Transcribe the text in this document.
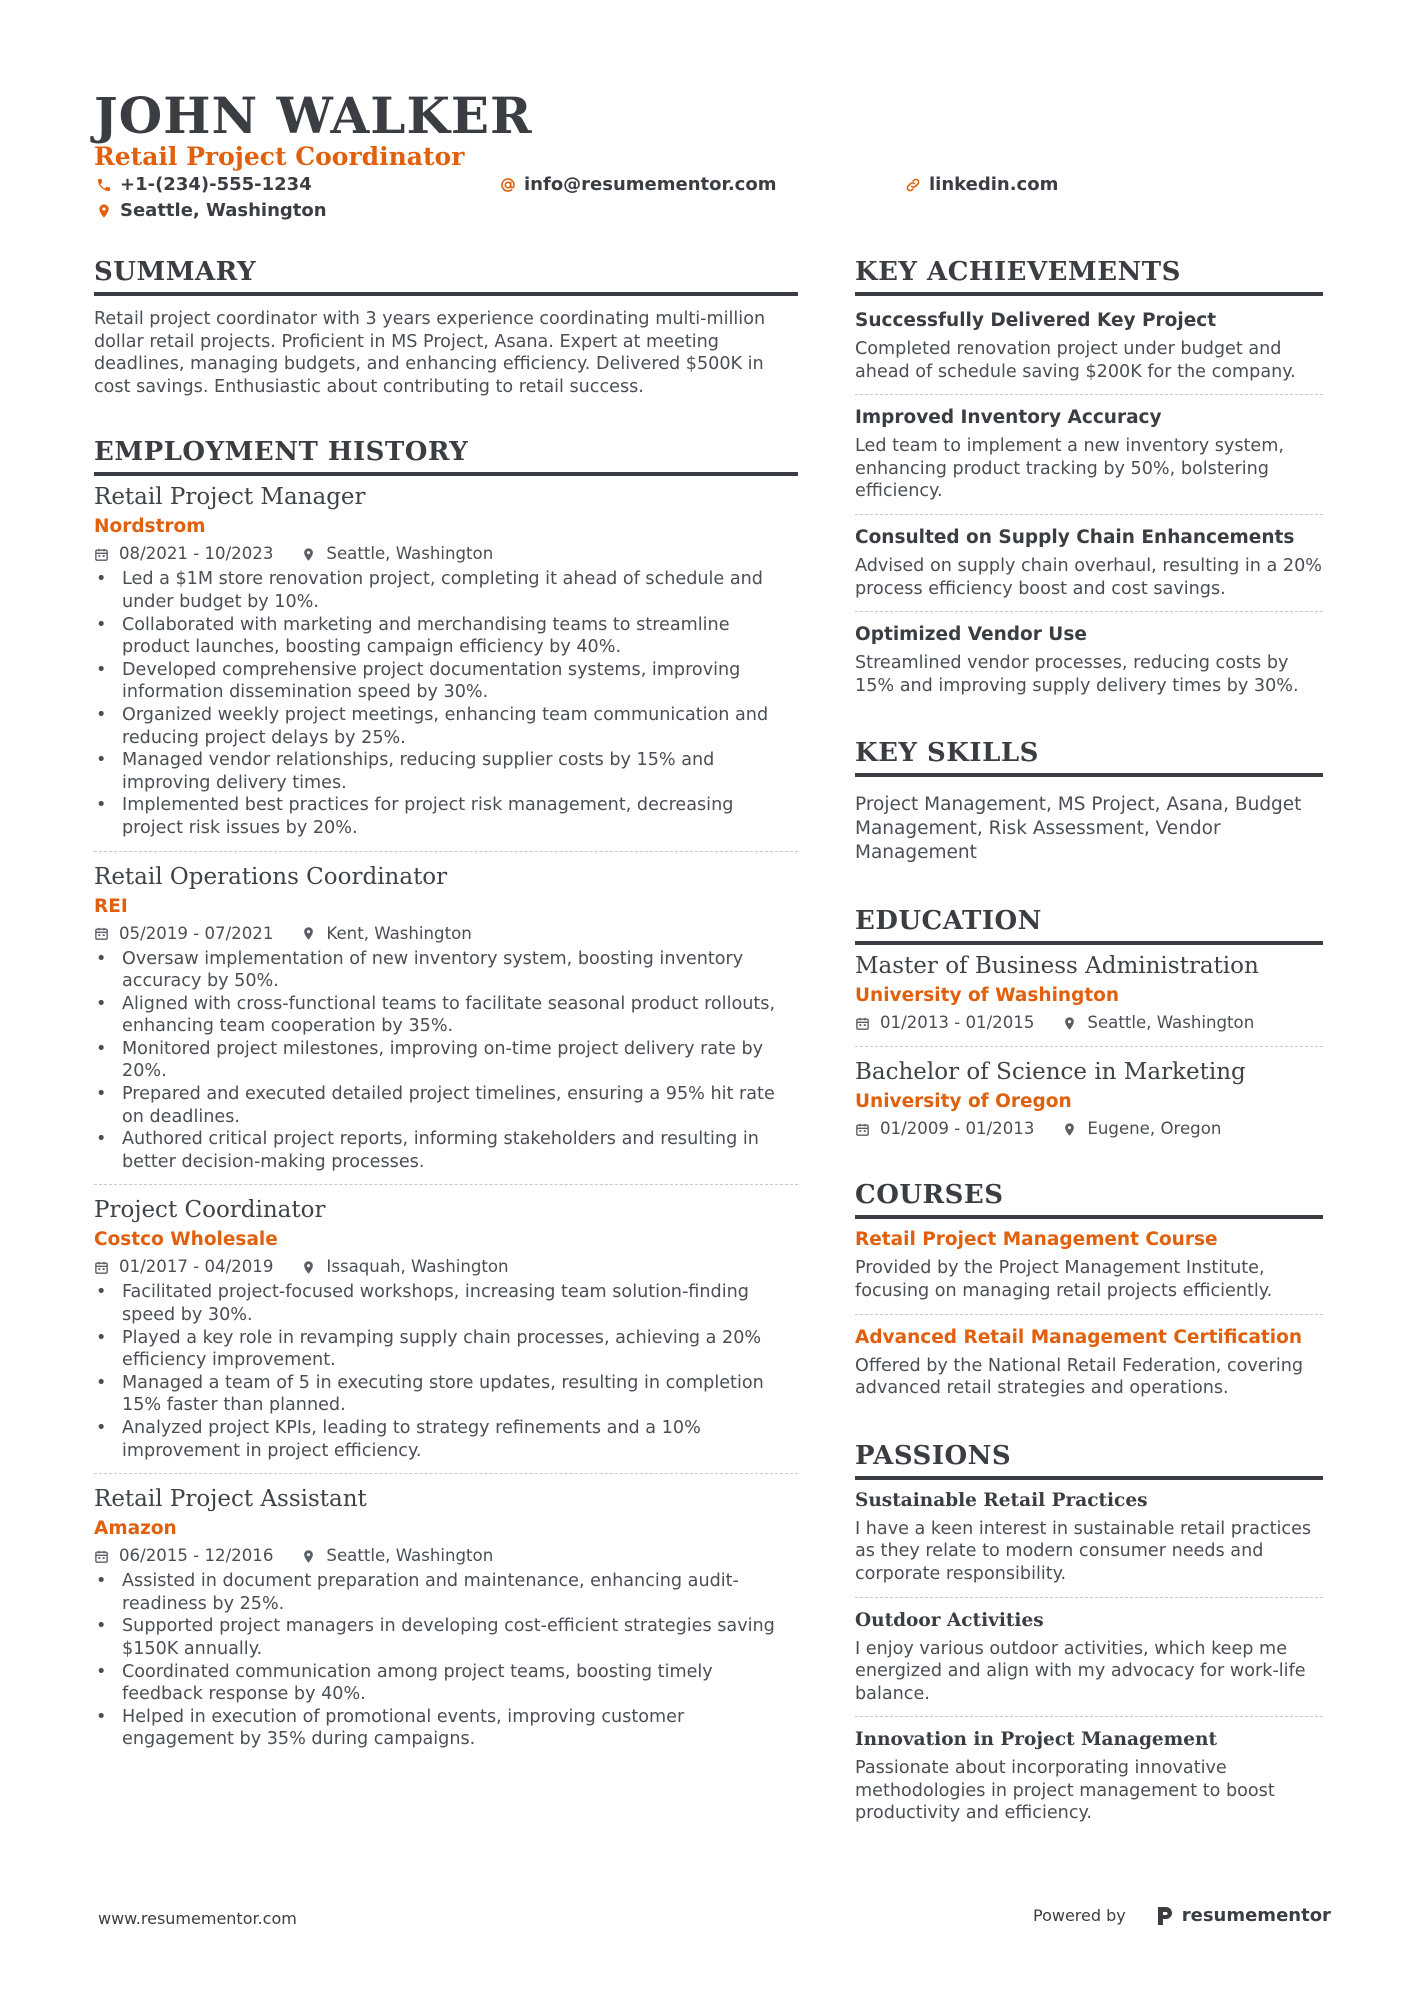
JOHN WALKER
Retail Project Coordinator
+1-(234)-555-1234	info@resumementor.com	linkedin.com
Seattle, Washington
SUMMARY

Retail project coordinator with 3 years experience coordinating multi-million dollar retail projects. Proficient in MS Project, Asana. Expert at meeting deadlines, managing budgets, and enhancing efficiency. Delivered $500K in cost savings. Enthusiastic about contributing to retail success.

EMPLOYMENT HISTORY
Retail Project Manager
Nordstrom
08/2021 - 10/2023	Seattle, Washington
• Led a $1M store renovation project, completing it ahead of schedule and under budget by 10%.
• Collaborated with marketing and merchandising teams to streamline product launches, boosting campaign efficiency by 40%.
• Developed comprehensive project documentation systems, improving information dissemination speed by 30%.
• Organized weekly project meetings, enhancing team communication and reducing project delays by 25%.
• Managed vendor relationships, reducing supplier costs by 15% and improving delivery times.
• Implemented best practices for project risk management, decreasing project risk issues by 20%.
Retail Operations Coordinator
REI
05/2019 - 07/2021	Kent, Washington
• Oversaw implementation of new inventory system, boosting inventory accuracy by 50%.
• Aligned with cross-functional teams to facilitate seasonal product rollouts, enhancing team cooperation by 35%.
• Monitored project milestones, improving on-time project delivery rate by 20%.
• Prepared and executed detailed project timelines, ensuring a 95% hit rate on deadlines.
• Authored critical project reports, informing stakeholders and resulting in better decision-making processes.
Project Coordinator
Costco Wholesale
01/2017 - 04/2019	Issaquah, Washington
• Facilitated project-focused workshops, increasing team solution-finding speed by 30%.
• Played a key role in revamping supply chain processes, achieving a 20% efficiency improvement.
• Managed a team of 5 in executing store updates, resulting in completion 15% faster than planned.
• Analyzed project KPIs, leading to strategy refinements and a 10% improvement in project efficiency.
Retail Project Assistant
Amazon
06/2015 - 12/2016	Seattle, Washington
• Assisted in document preparation and maintenance, enhancing audit-readiness by 25%.
• Supported project managers in developing cost-efficient strategies saving $150K annually.
• Coordinated communication among project teams, boosting timely feedback response by 40%.
• Helped in execution of promotional events, improving customer engagement by 35% during campaigns.
KEY ACHIEVEMENTS
Successfully Delivered Key Project

Completed renovation project under budget and ahead of schedule saving $200K for the company.

Improved Inventory Accuracy

Led team to implement a new inventory system, enhancing product tracking by 50%, bolstering efficiency.

Consulted on Supply Chain Enhancements

Advised on supply chain overhaul, resulting in a 20% process efficiency boost and cost savings.

Optimized Vendor Use

Streamlined vendor processes, reducing costs by 15% and improving supply delivery times by 30%.

KEY SKILLS

Project Management, MS Project, Asana, Budget Management, Risk Assessment, Vendor Management

EDUCATION
Master of Business Administration
University of Washington
01/2013 - 01/2015	Seattle, Washington
Bachelor of Science in Marketing
University of Oregon
01/2009 - 01/2013	Eugene, Oregon
COURSES
Retail Project Management Course

Provided by the Project Management Institute, focusing on managing retail projects efficiently.

Advanced Retail Management Certification

Offered by the National Retail Federation, covering advanced retail strategies and operations.

PASSIONS
Sustainable Retail Practices

I have a keen interest in sustainable retail practices as they relate to modern consumer needs and corporate responsibility.

Outdoor Activities

I enjoy various outdoor activities, which keep me energized and align with my advocacy for work-life balance.

Innovation in Project Management

Passionate about incorporating innovative methodologies in project management to boost productivity and efficiency.

www.resumementor.com	Powered by	resumementor
